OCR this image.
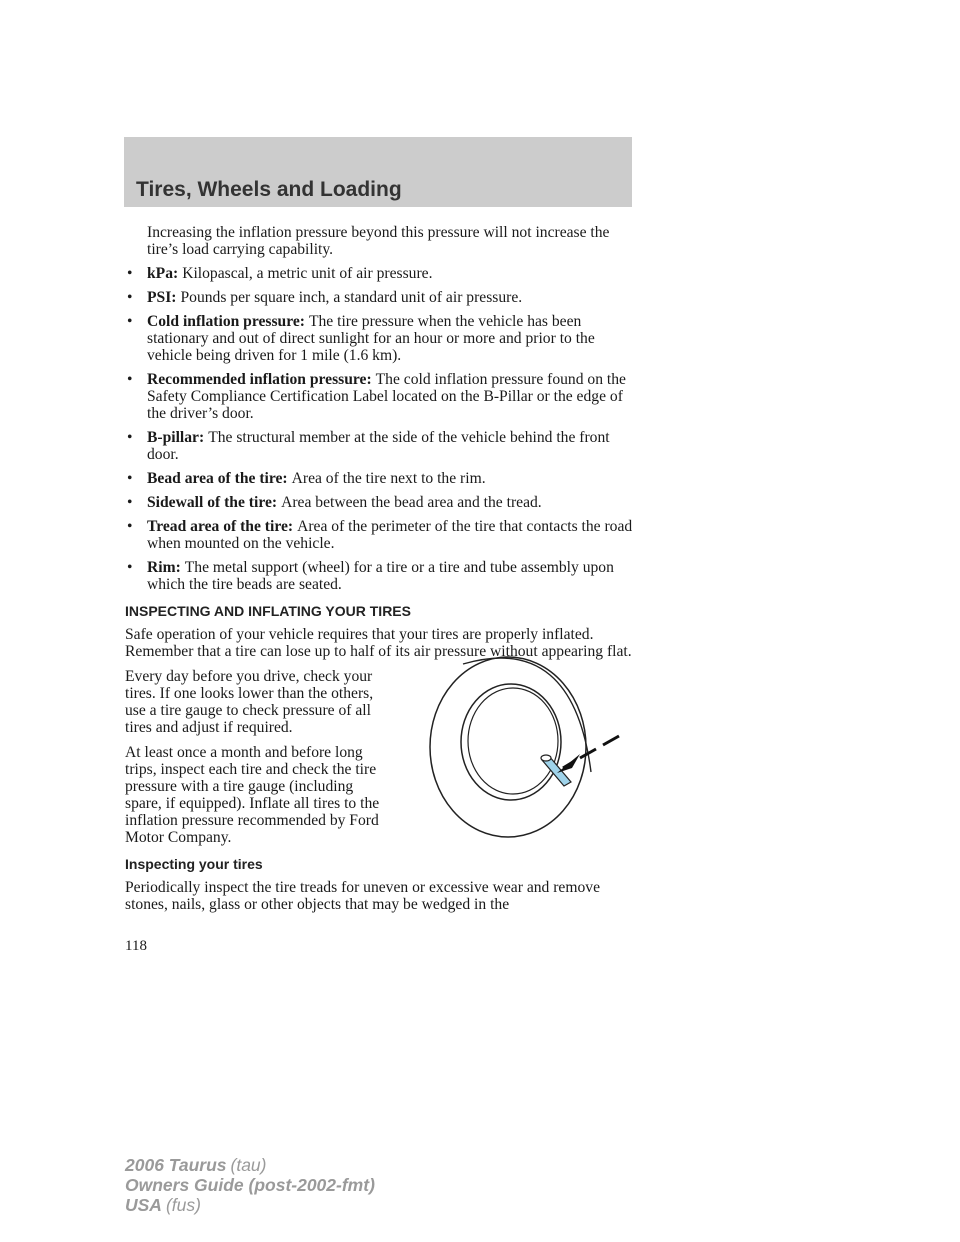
Tires, Wheels and Loading

Increasing the inflation pressure beyond this pressure will not increase the tire’s load carrying capability.

• kPa: Kilopascal, a metric unit of air pressure.
• PSI: Pounds per square inch, a standard unit of air pressure.
• Cold inflation pressure: The tire pressure when the vehicle has been stationary and out of direct sunlight for an hour or more and prior to the vehicle being driven for 1 mile (1.6 km).
• Recommended inflation pressure: The cold inflation pressure found on the Safety Compliance Certification Label located on the B-Pillar or the edge of the driver’s door.
• B-pillar: The structural member at the side of the vehicle behind the front door.
• Bead area of the tire: Area of the tire next to the rim.
• Sidewall of the tire: Area between the bead area and the tread.
• Tread area of the tire: Area of the perimeter of the tire that contacts the road when mounted on the vehicle.
• Rim: The metal support (wheel) for a tire or a tire and tube assembly upon which the tire beads are seated.
INSPECTING AND INFLATING YOUR TIRES

Safe operation of your vehicle requires that your tires are properly inflated. Remember that a tire can lose up to half of its air pressure without appearing flat.

Every day before you drive, check your tires. If one looks lower than the others, use a tire gauge to check pressure of all tires and adjust if required.

At least once a month and before long trips, inspect each tire and check the tire pressure with a tire gauge (including spare, if equipped). Inflate all tires to the inflation pressure recommended by Ford Motor Company.

Inspecting your tires

Periodically inspect the tire treads for uneven or excessive wear and remove stones, nails, glass or other objects that may be wedged in the

118
2006 Taurus (tau)
Owners Guide (post-2002-fmt)
USA (fus)
